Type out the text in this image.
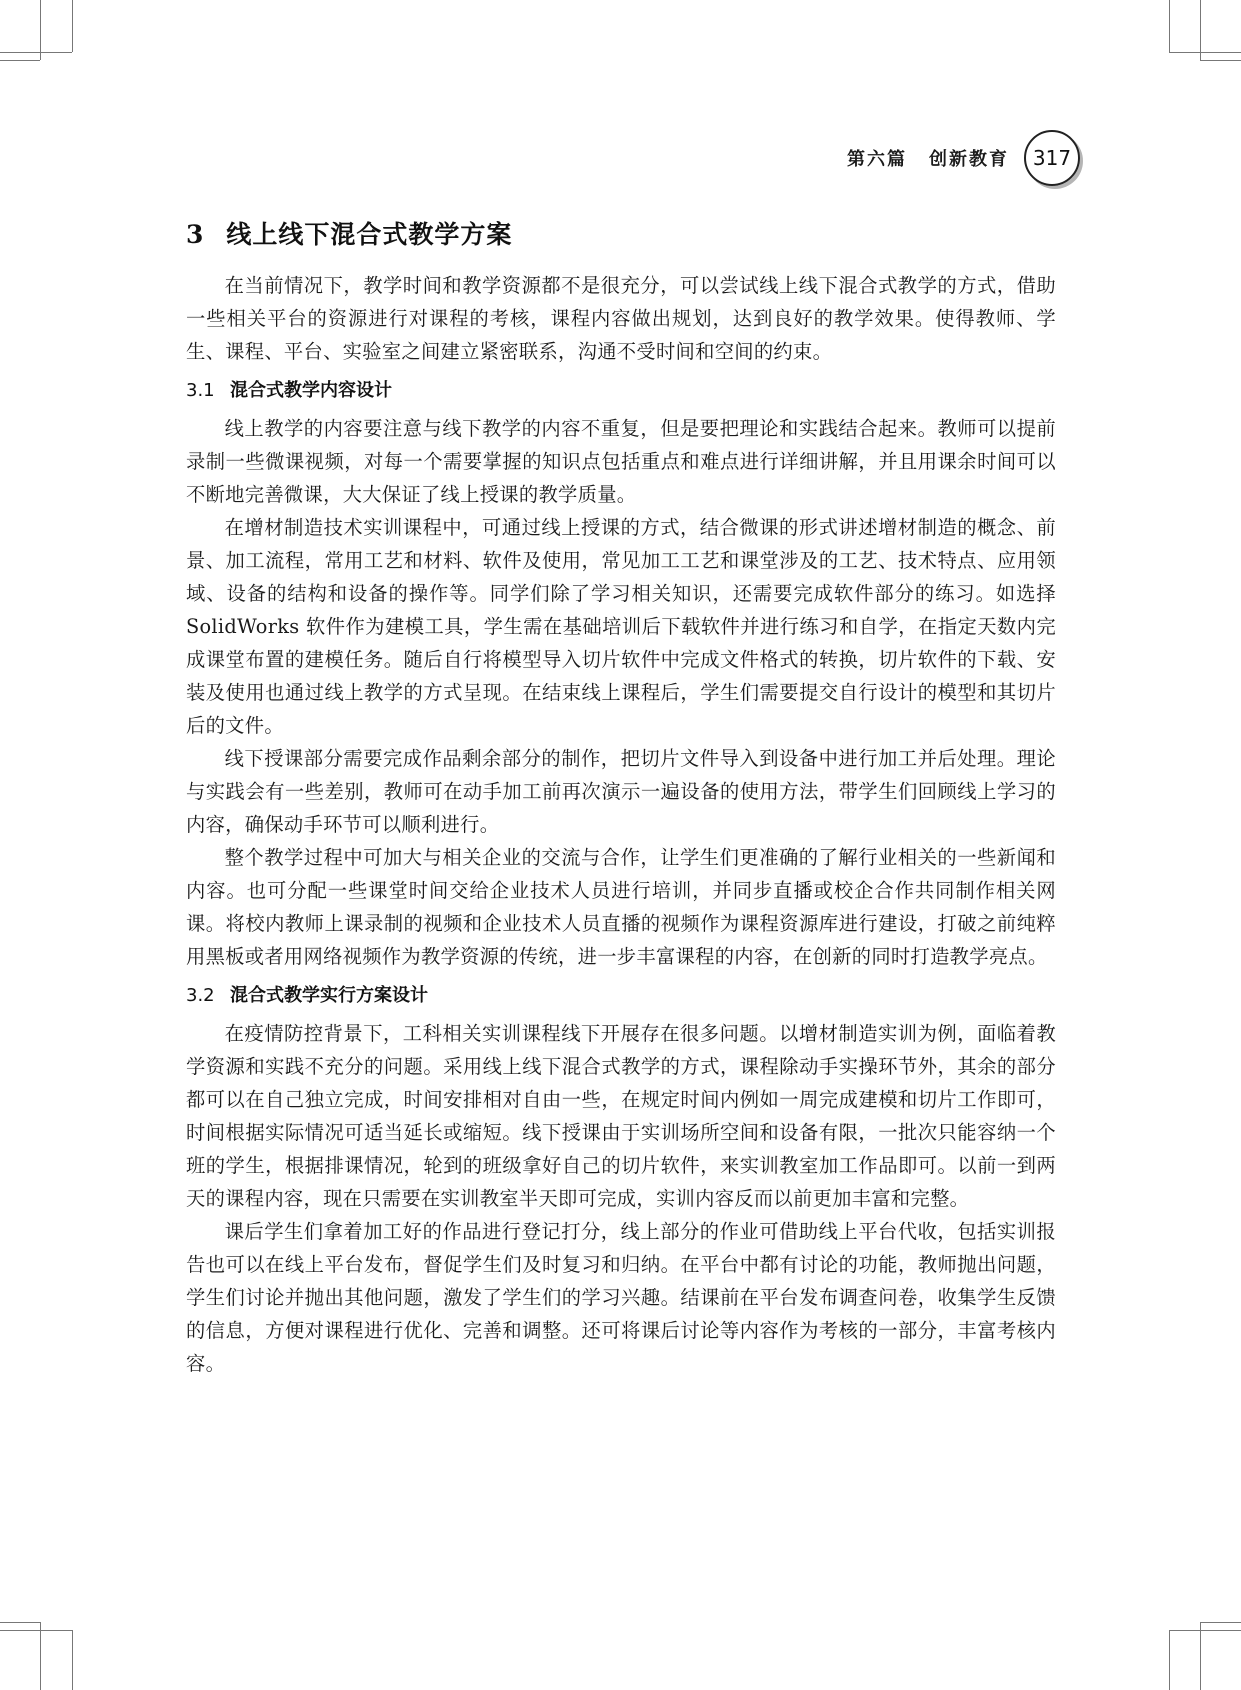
第六篇 创新教育	317
3 线上线下混合式教学方案

在当前情况下，教学时间和教学资源都不是很充分，可以尝试线上线下混合式教学的方式，借助一些相关平台的资源进行对课程的考核，课程内容做出规划，达到良好的教学效果。使得教师、学生、课程、平台、实验室之间建立紧密联系，沟通不受时间和空间的约束。

3.1 混合式教学内容设计

线上教学的内容要注意与线下教学的内容不重复，但是要把理论和实践结合起来。教师可以提前录制一些微课视频，对每一个需要掌握的知识点包括重点和难点进行详细讲解，并且用课余时间可以不断地完善微课，大大保证了线上授课的教学质量。

在增材制造技术实训课程中，可通过线上授课的方式，结合微课的形式讲述增材制造的概念、前景、加工流程，常用工艺和材料、软件及使用，常见加工工艺和课堂涉及的工艺、技术特点、应用领域、设备的结构和设备的操作等。同学们除了学习相关知识，还需要完成软件部分的练习。如选择 SolidWorks 软件作为建模工具，学生需在基础培训后下载软件并进行练习和自学，在指定天数内完成课堂布置的建模任务。随后自行将模型导入切片软件中完成文件格式的转换，切片软件的下载、安装及使用也通过线上教学的方式呈现。在结束线上课程后，学生们需要提交自行设计的模型和其切片后的文件。

线下授课部分需要完成作品剩余部分的制作，把切片文件导入到设备中进行加工并后处理。理论与实践会有一些差别，教师可在动手加工前再次演示一遍设备的使用方法，带学生们回顾线上学习的内容，确保动手环节可以顺利进行。

整个教学过程中可加大与相关企业的交流与合作，让学生们更准确的了解行业相关的一些新闻和内容。也可分配一些课堂时间交给企业技术人员进行培训，并同步直播或校企合作共同制作相关网课。将校内教师上课录制的视频和企业技术人员直播的视频作为课程资源库进行建设，打破之前纯粹用黑板或者用网络视频作为教学资源的传统，进一步丰富课程的内容，在创新的同时打造教学亮点。

3.2 混合式教学实行方案设计

在疫情防控背景下，工科相关实训课程线下开展存在很多问题。以增材制造实训为例，面临着教学资源和实践不充分的问题。采用线上线下混合式教学的方式，课程除动手实操环节外，其余的部分都可以在自己独立完成，时间安排相对自由一些，在规定时间内例如一周完成建模和切片工作即可，时间根据实际情况可适当延长或缩短。线下授课由于实训场所空间和设备有限，一批次只能容纳一个班的学生，根据排课情况，轮到的班级拿好自己的切片软件，来实训教室加工作品即可。以前一到两天的课程内容，现在只需要在实训教室半天即可完成，实训内容反而以前更加丰富和完整。

课后学生们拿着加工好的作品进行登记打分，线上部分的作业可借助线上平台代收，包括实训报告也可以在线上平台发布，督促学生们及时复习和归纳。在平台中都有讨论的功能，教师抛出问题，学生们讨论并抛出其他问题，激发了学生们的学习兴趣。结课前在平台发布调查问卷，收集学生反馈的信息，方便对课程进行优化、完善和调整。还可将课后讨论等内容作为考核的一部分，丰富考核内容。
